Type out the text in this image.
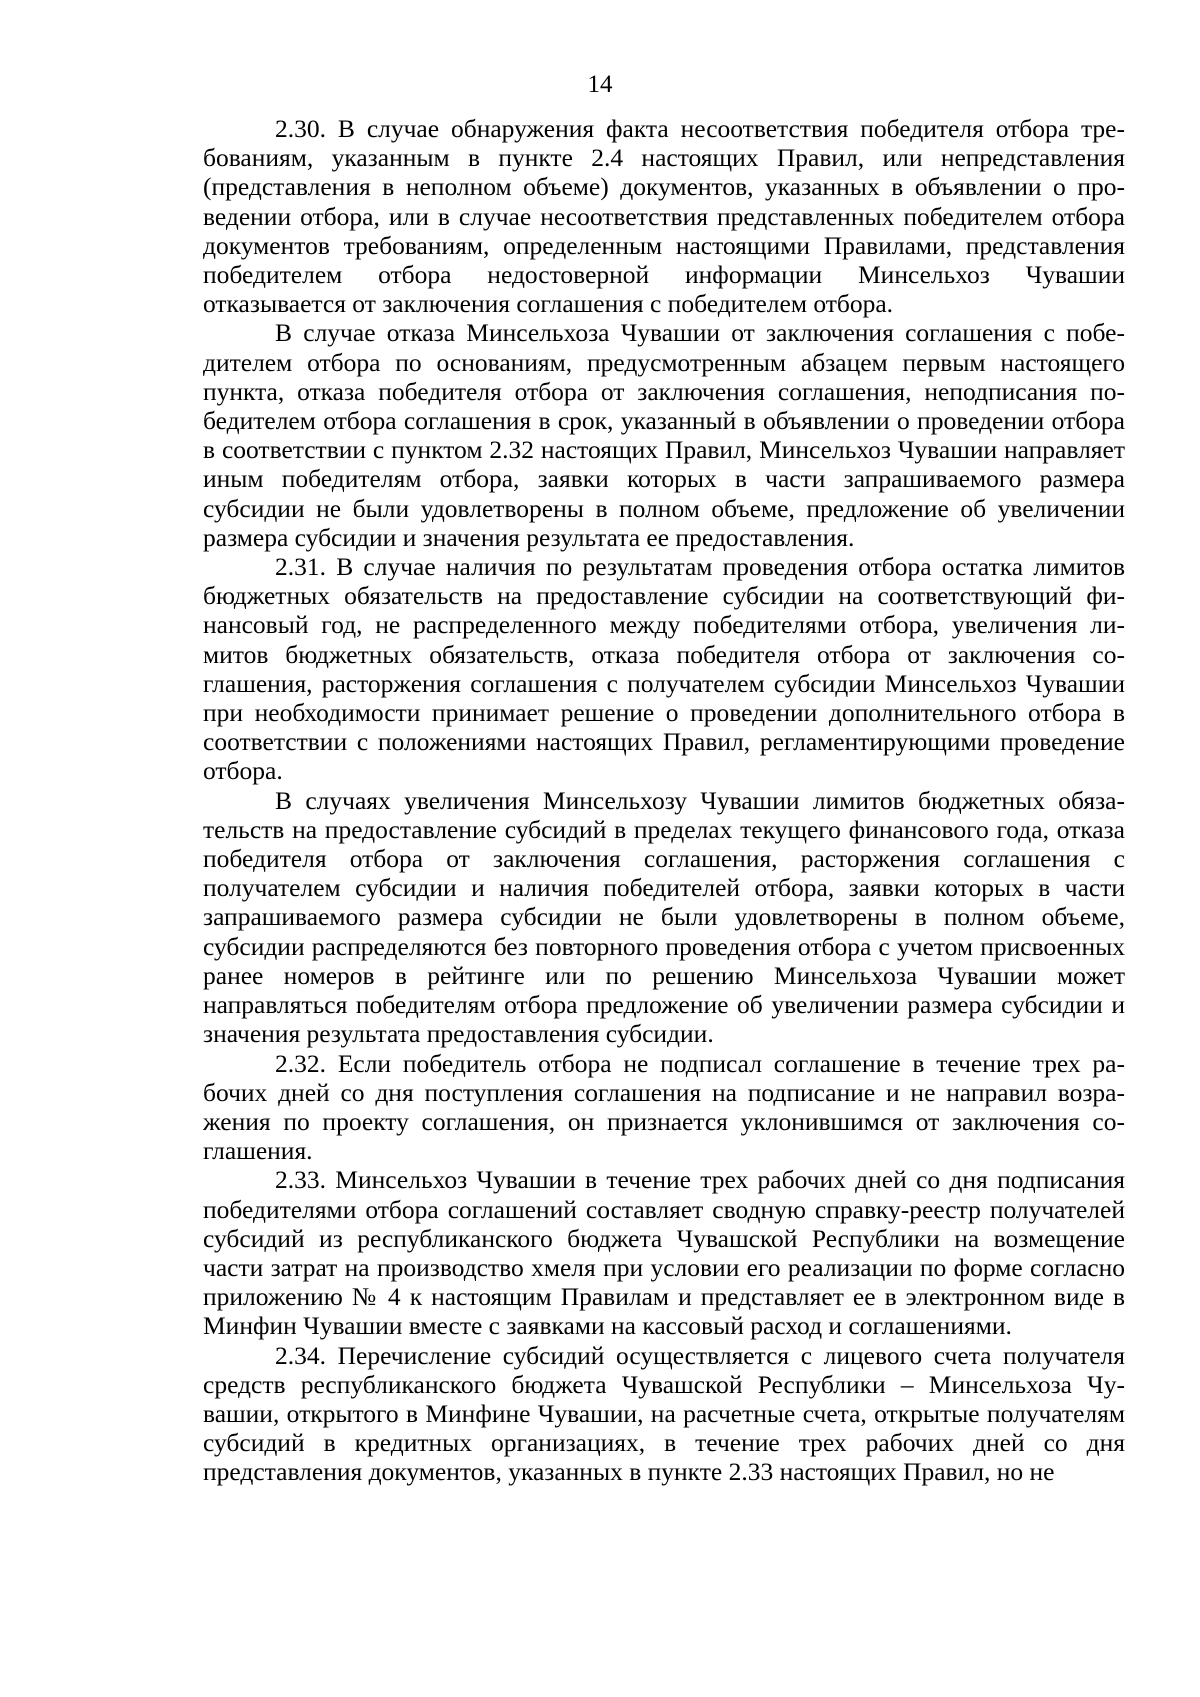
14

2.30. В случае обнаружения факта несоответствия победителя отбора требованиям, указанным в пункте 2.4 настоящих Правил, или непредставления (представления в неполном объеме) документов, указанных в объявлении о проведении отбора, или в случае несоответствия представленных победителем отбора документов требованиям, определенным настоящими Правилами, представления победителем отбора недостоверной информации Минсельхоз Чувашии отказывается от заключения соглашения с победителем отбора.

В случае отказа Минсельхоза Чувашии от заключения соглашения с победителем отбора по основаниям, предусмотренным абзацем первым настоящего пункта, отказа победителя отбора от заключения соглашения, неподписания победителем отбора соглашения в срок, указанный в объявлении о проведении отбора в соответствии с пунктом 2.32 настоящих Правил, Минсельхоз Чувашии направляет иным победителям отбора, заявки которых в части запрашиваемого размера субсидии не были удовлетворены в полном объеме, предложение об увеличении размера субсидии и значения результата ее предоставления.

2.31. В случае наличия по результатам проведения отбора остатка лимитов бюджетных обязательств на предоставление субсидии на соответствующий финансовый год, не распределенного между победителями отбора, увеличения лимитов бюджетных обязательств, отказа победителя отбора от заключения соглашения, расторжения соглашения с получателем субсидии Минсельхоз Чувашии при необходимости принимает решение о проведении дополнительного отбора в соответствии с положениями настоящих Правил, регламентирующими проведение отбора.

В случаях увеличения Минсельхозу Чувашии лимитов бюджетных обязательств на предоставление субсидий в пределах текущего финансового года, отказа победителя отбора от заключения соглашения, расторжения соглашения с получателем субсидии и наличия победителей отбора, заявки которых в части запрашиваемого размера субсидии не были удовлетворены в полном объеме, субсидии распределяются без повторного проведения отбора с учетом присвоенных ранее номеров в рейтинге или по решению Минсельхоза Чувашии может направляться победителям отбора предложение об увеличении размера субсидии и значения результата предоставления субсидии.

2.32. Если победитель отбора не подписал соглашение в течение трех рабочих дней со дня поступления соглашения на подписание и не направил возражения по проекту соглашения, он признается уклонившимся от заключения соглашения.

2.33. Минсельхоз Чувашии в течение трех рабочих дней со дня подписания победителями отбора соглашений составляет сводную справку-реестр получателей субсидий из республиканского бюджета Чувашской Республики на возмещение части затрат на производство хмеля при условии его реализации по форме согласно приложению № 4 к настоящим Правилам и представляет ее в электронном виде в Минфин Чувашии вместе с заявками на кассовый расход и соглашениями.

2.34. Перечисление субсидий осуществляется с лицевого счета получателя средств республиканского бюджета Чувашской Республики – Минсельхоза Чувашии, открытого в Минфине Чувашии, на расчетные счета, открытые получателям субсидий в кредитных организациях, в течение трех рабочих дней со дня представления документов, указанных в пункте 2.33 настоящих Правил, но не
